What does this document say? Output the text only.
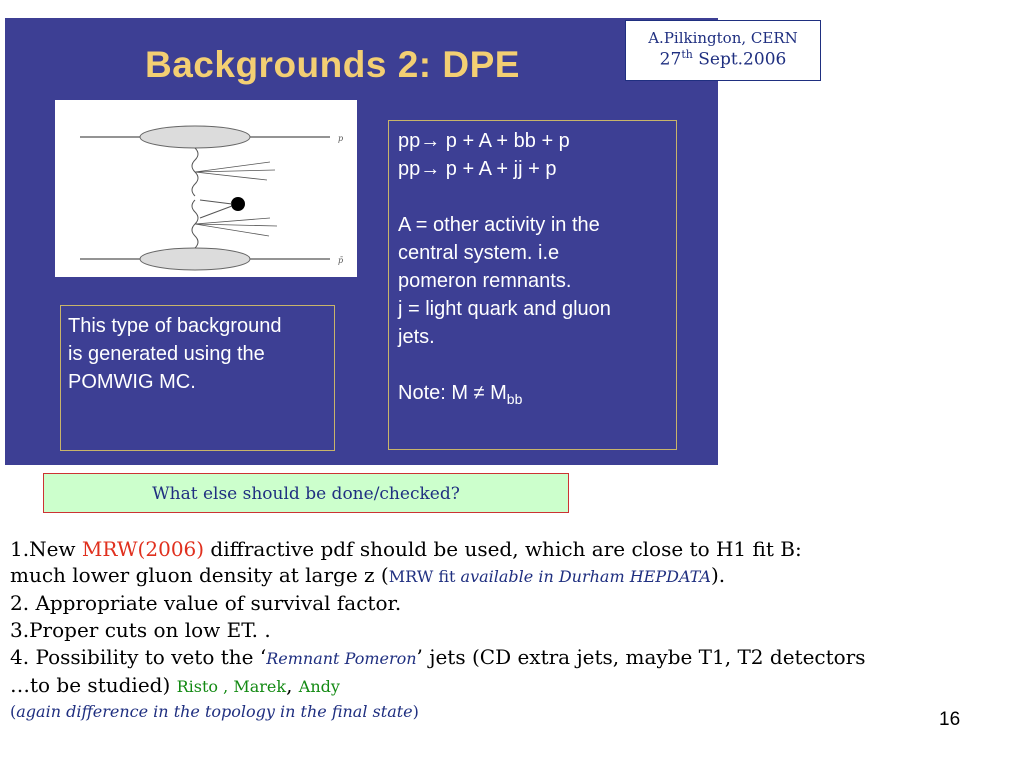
Backgrounds 2: DPE
p
p̄
pp→ p + A + bb + p
pp→ p + A + jj + p
A = other activity in the
central system. i.e
pomeron remnants.
j = light quark and gluon
jets.
Note: $M \ne M_{bb}$
This type of background
is generated using the
POMWIG MC.
A.Pilkington, CERN
27th Sept.2006
What else should be done/checked?
1.New MRW(2006) diffractive pdf should be used, which are close to H1 fit B:
much lower gluon density at large z (MRW fit available in Durham HEPDATA).
2. Appropriate value of survival factor.
3.Proper cuts on low ET. .
4. Possibility to veto the ‘Remnant Pomeron’ jets (CD extra jets, maybe T1, T2 detectors
…to be studied) Risto , Marek, Andy
(again difference in the topology in the final state)	16
